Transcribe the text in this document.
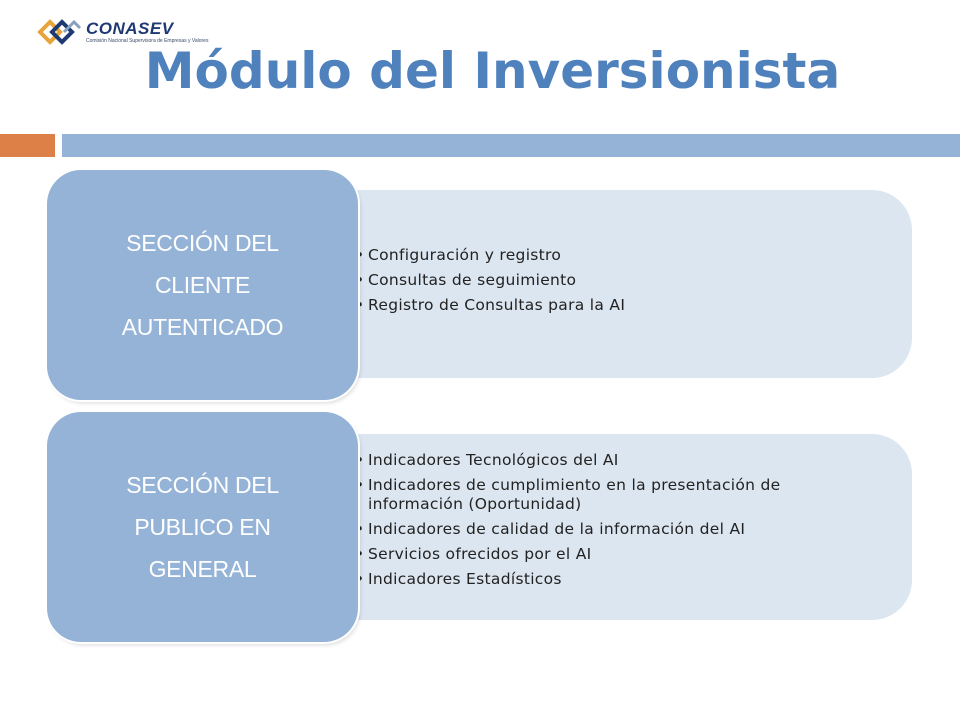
CONASEV
Comisión Nacional Supervisora de Empresas y Valores
Módulo del Inversionista
• Configuración y registro
• Consultas de seguimiento
• Registro de Consultas para la AI
SECCIÓN DEL
CLIENTE
AUTENTICADO
• Indicadores Tecnológicos del AI
• Indicadores de cumplimiento en la presentación de información (Oportunidad)
• Indicadores de calidad de la información del AI
• Servicios ofrecidos por el AI
• Indicadores Estadísticos
SECCIÓN DEL
PUBLICO EN
GENERAL
